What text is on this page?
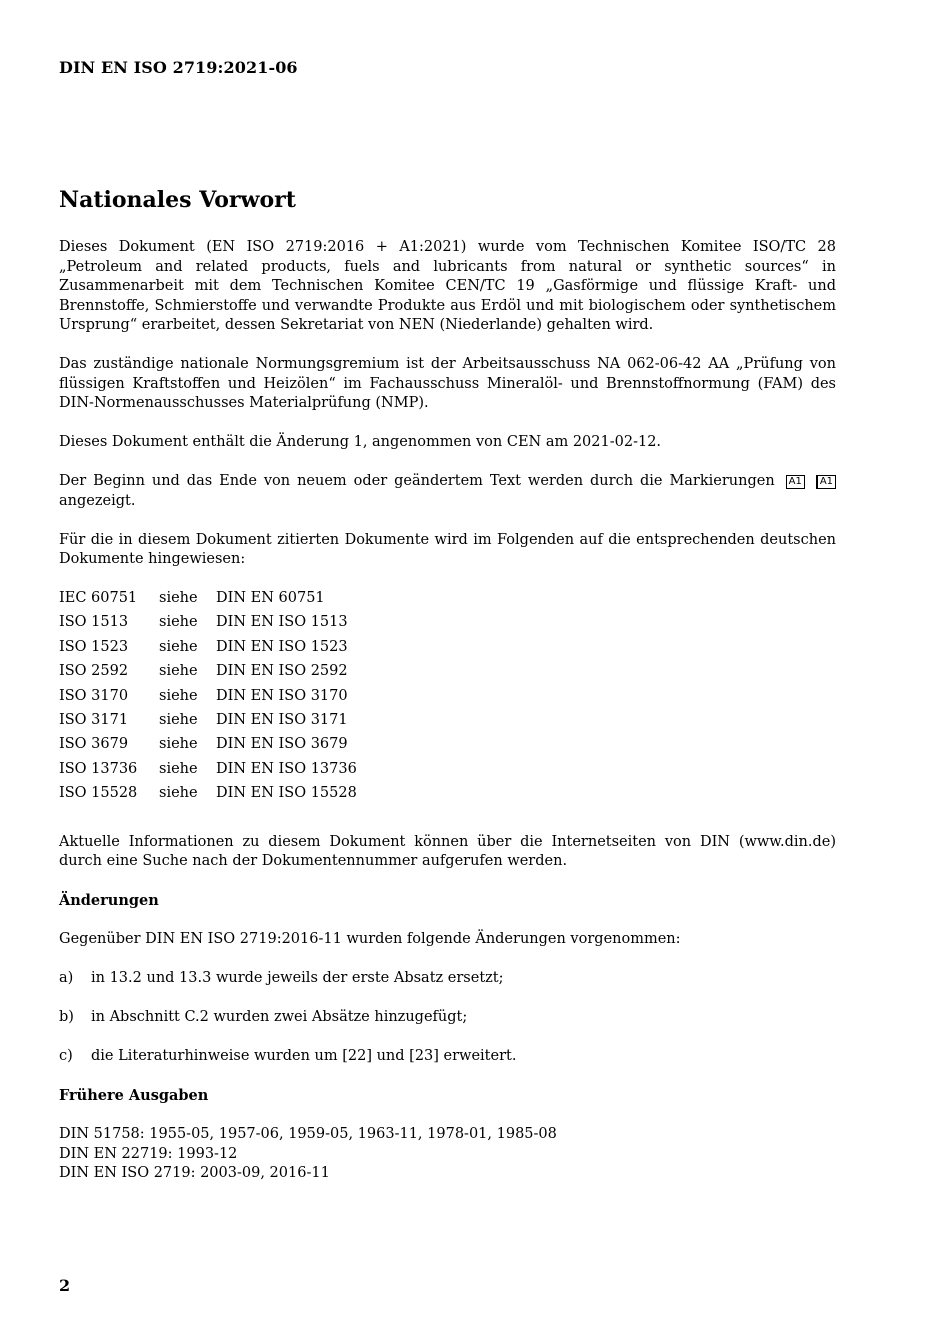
DIN EN ISO 2719:2021-06
Nationales Vorwort

Dieses Dokument (EN ISO 2719:2016 + A1:2021) wurde vom Technischen Komitee ISO/TC 28 „Petroleum and related products, fuels and lubricants from natural or synthetic sources“ in Zusammenarbeit mit dem Technischen Komitee CEN/TC 19 „Gasförmige und flüssige Kraft- und Brennstoffe, Schmierstoffe und verwandte Produkte aus Erdöl und mit biologischem oder synthetischem Ursprung“ erarbeitet, dessen Sekretariat von NEN (Niederlande) gehalten wird.

Das zuständige nationale Normungsgremium ist der Arbeitsausschuss NA 062-06-42 AA „Prüfung von flüssigen Kraftstoffen und Heizölen“ im Fachausschuss Mineralöl- und Brennstoffnormung (FAM) des DIN-Normenausschusses Materialprüfung (NMP).

Dieses Dokument enthält die Änderung 1, angenommen von CEN am 2021-02-12.

Der Beginn und das Ende von neuem oder geändertem Text werden durch die Markierungen A1 A1 angezeigt.

Für die in diesem Dokument zitierten Dokumente wird im Folgenden auf die entsprechenden deutschen Dokumente hingewiesen:

IEC 60751	siehe	DIN EN 60751
ISO 1513	siehe	DIN EN ISO 1513
ISO 1523	siehe	DIN EN ISO 1523
ISO 2592	siehe	DIN EN ISO 2592
ISO 3170	siehe	DIN EN ISO 3170
ISO 3171	siehe	DIN EN ISO 3171
ISO 3679	siehe	DIN EN ISO 3679
ISO 13736	siehe	DIN EN ISO 13736
ISO 15528	siehe	DIN EN ISO 15528

Aktuelle Informationen zu diesem Dokument können über die Internetseiten von DIN (www.din.de) durch eine Suche nach der Dokumentennummer aufgerufen werden.

Änderungen

Gegenüber DIN EN ISO 2719:2016-11 wurden folgende Änderungen vorgenommen:

a)	in 13.2 und 13.3 wurde jeweils der erste Absatz ersetzt;
b)	in Abschnitt C.2 wurden zwei Absätze hinzugefügt;
c)	die Literaturhinweise wurden um [22] und [23] erweitert.
Frühere Ausgaben
DIN 51758: 1955-05, 1957-06, 1959-05, 1963-11, 1978-01, 1985-08
DIN EN 22719: 1993-12
DIN EN ISO 2719: 2003-09, 2016-11
2
